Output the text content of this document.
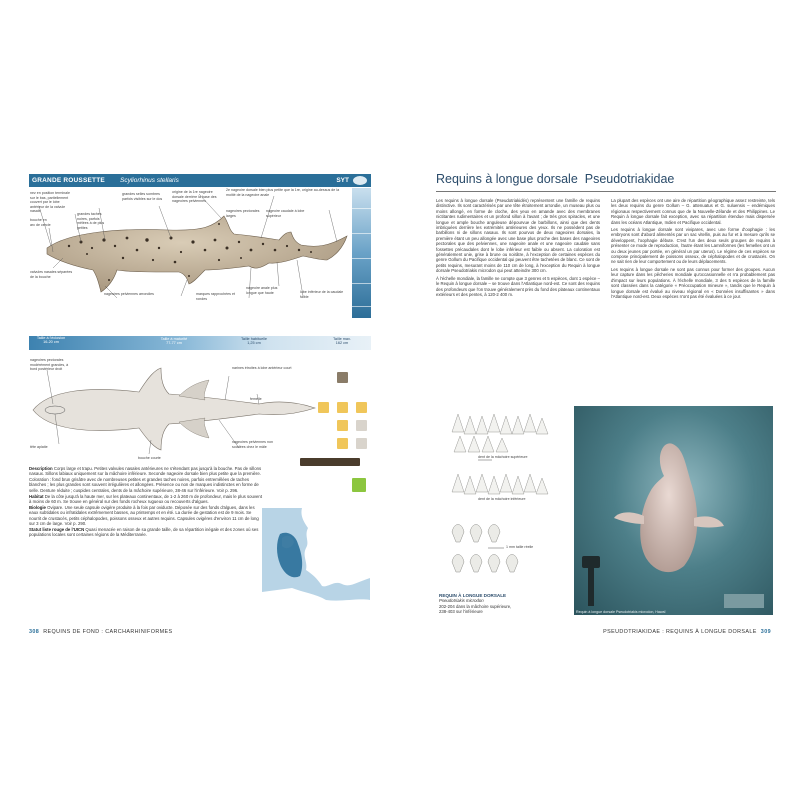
GRANDE ROUSSETTE Scyliorhinus stellaris	SYT
nez en position terminale sur le bas, partiellement couvert par le lobe antérieur de la valvule nasale
bouche en arc de cercle
grandes taches noires, parfois mêlées à de plus petites
grandes selles sombres parfois visibles sur le dos
origine de la 1re nageoire dorsale derrière la base des nageoires pelviennes
2e nageoire dorsale bien plus petite que la 1re, origine au-dessus de la moitié de la nageoire anale
nageoire caudale à lobe supérieur
nageoires pectorales larges
nageoire anale plus longue que haute	lobe inférieur de la caudale faible
valvules nasales séparées de la bouche
nageoires pelviennes arrondies	marques rapprochées et rondes
Taille à l'éclosion
16-20 cm
Taille à maturité
77-77 cm
Taille habituelle
1,25 cm
Taille max.
162 cm
nageoires pectorales modérément grandes, à bord postérieur droit	narines étroites à lobe antérieur court
femelle
nageoires pelviennes non soudées chez le mâle
tête aplatie
bouche courte

Description Corps large et trapu. Petites valvules nasales antérieures ne s'étendant pas jusqu'à la bouche. Pas de sillons nasaux. Sillons labiaux uniquement sur la mâchoire inférieure. Seconde nageoire dorsale bien plus petite que la première. Coloration : fond brun grisâtre avec de nombreuses petites et grandes taches noires, parfois entremêlées de taches blanches ; les plus grandes sont souvent irrégulières et allongées. Présence ou non de marques indistinctes en forme de selle. Denture réduite ; cuspides centrales, dents de la mâchoire supérieure, 38-46 sur l'inférieure. Voir p. 296.

Habitat De la côte jusqu'à la haute mer, sur les plateaux continentaux, de 1-2 à 260 m de profondeur, mais le plus souvent à moins de 60 m. Se trouve en général sur des fonds rocheux rugueux ou recouverts d'algues.

Biologie Ovipare. Une seule capsule ovigère produite à la fois par oviducte. Déposée sur des fonds d'algues, dans les eaux subtidales ou infratidales extrêmement basses, au printemps et en été. La durée de gestation est de 9 mois. Se nourrit de crustacés, petits céphalopodes, poissons osseux et autres requins. Capsules ovigères d'environ 11 cm de long sur 3 cm de large. Voir p. 290.

Statut liste rouge de l'UICN Quasi menacée en raison de sa grande taille, de sa répartition inégale et des zones où ses populations locales sont certaines régions de la Méditerranée.

308 REQUINS DE FOND : CARCHARHINIFORMES
Requins à longue dorsale Pseudotriakidae

Les requins à longue dorsale (Pseudotriakidés) représentent une famille de requins distinctive. Ils sont caractérisés par une tête étroitement arrondie, un museau plus ou moins allongé, en forme de cloche, des yeux en amande avec des membranes nictitantes rudimentaires et un profond sillon à l'avant ; de très gros spiracles, et une longue et ample bouche anguleuse dépourvue de barbillons, ainsi que des dents imbriquées derrière les extrémités antérieures des yeux. Ils ne possèdent pas de barbillons ni de sillons nasaux. Ils sont pourvus de deux nageoires dorsales, la première étant un peu allongée avec une base plus proche des bases des nageoires pectorales que des pelviennes, une nageoire anale et une nageoire caudale sans fossettes précaudales dont le lobe inférieur est faible ou absent. La coloration est généralement unie, grise à brune ou noirâtre, à l'exception de certaines espèces du genre Gollum du Pacifique occidental qui peuvent être tachetées de blanc. Ce sont de petits requins, mesurant moins de 110 cm de long, à l'exception du Requin à longue dorsale Pseudotriakis microdon qui peut atteindre 300 cm.

À l'échelle mondiale, la famille ne compte que 3 genres et 5 espèces, dont 1 espèce – le Requin à longue dorsale – se trouve dans l'Atlantique nord-est. Ce sont des requins des profondeurs que l'on trouve généralement près du fond des plateaux continentaux extérieurs et des pentes, à 120-2 400 m.

La plupart des espèces ont une aire de répartition géographique assez restreinte, tels les deux requins du genre Gollum – G. attenuatus et G. suluensis – endémiques régionaux respectivement connus que de la Nouvelle-Zélande et des Philippines. Le Requin à longue dorsale fait exception, avec sa répartition étendue mais dispersée dans les océans Atlantique, Indien et Pacifique occidental.

Les requins à longue dorsale sont vivipares, avec une forme d'oophagie : les embryons sont d'abord alimentés par un sac vitellin, puis au fur et à mesure qu'ils se développent, l'oophagie débute. C'est l'un des deux seuls groupes de requins à présenter ce mode de reproduction, l'autre étant les Lamniformes (les femelles ont un ou deux jeunes par portée, en général un par uterus). Le régime de ces espèces se compose principalement de poissons osseux, de céphalopodes et de crustacés. On ne sait rien de leur comportement ou de leurs déplacements.

Les requins à longue dorsale ne sont pas connus pour former des groupes. Aucun leur capture dans les pêcheries mondiale qu'occasionnelle et n'a probablement pas d'impact sur leurs populations. À l'échelle mondiale, 3 des 5 espèces de la famille sont classées dans la catégorie « Préoccupation mineure », tandis que le Requin à longue dorsale est évalué au niveau régional en « Données insuffisantes » dans l'Atlantique nord-est. Deux espèces n'ont pas été évaluées à ce jour.

dent de la mâchoire supérieure
dent de la mâchoire inférieure
1 mm taille réelle
REQUIN À LONGUE DORSALE
Pseudotriakis microdon
202-204 dans la mâchoire supérieure,
238-403 sur l'inférieure	Requin à longue dorsale Pseudotriakis microdon, Hawaï
PSEUDOTRIAKIDAE : REQUINS À LONGUE DORSALE 309
